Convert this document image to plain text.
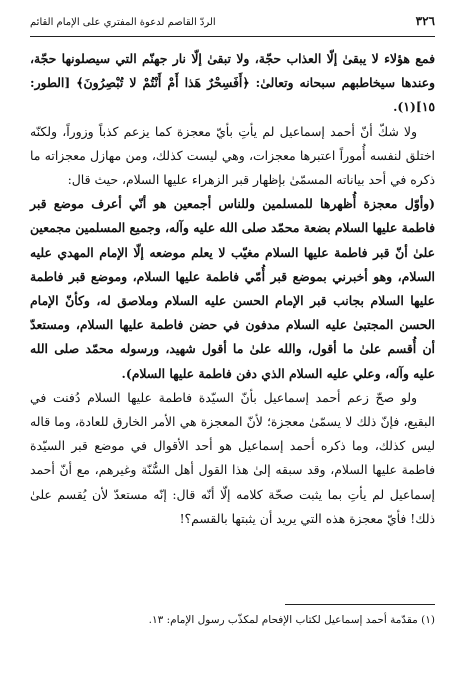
٣٢٦
الردّ القاصم لدعوة المفتري على الإمام القائم

فمع هؤلاء لا يبقىٰ إلّا العذاب حجّة، ولا تبقىٰ إلّا نار جهنّم التي سيصلونها حجّة، وعندها سيخاطبهم سبحانه وتعالىٰ: ﴿أَفَسِحْرٌ هَذا أَمْ أَنْتُمْ لا تُبْصِرُونَ﴾ [الطور: ١٥](١).

ولا شكّ أنّ أحمد إسماعيل لم يأتِ بأيّ معجزة كما يزعم كذباً وزوراً، ولكنّه اختلق لنفسه أُموراً اعتبرها معجزات، وهي ليست كذلك، ومن مهازل معجزاته ما ذكره في أحد بياناته المسمّىٰ بإظهار قبر الزهراء عليها السلام، حيث قال:

(وأوّل معجزة أُظهرها للمسلمين وللناس أجمعين هو أنّي أعرف موضع قبر فاطمة عليها السلام بضعة محمّد صلى الله عليه وآله، وجميع المسلمين مجمعين علىٰ أنّ قبر فاطمة عليها السلام مغيّب لا يعلم موضعه إلّا الإمام المهدي عليه السلام، وهو أخبرني بموضع قبر أُمّي فاطمة عليها السلام، وموضع قبر فاطمة عليها السلام بجانب قبر الإمام الحسن عليه السلام وملاصق له، وكأنّ الإمام الحسن المجتبىٰ عليه السلام مدفون في حضن فاطمة عليها السلام، ومستعدّ أن أُقسم علىٰ ما أقول، والله علىٰ ما أقول شهيد، ورسوله محمّد صلى الله عليه وآله، وعلي عليه السلام الذي دفن فاطمة عليها السلام).

ولو صحّ زعم أحمد إسماعيل بأنّ السيّدة فاطمة عليها السلام دُفنت في البقيع، فإنّ ذلك لا يسمّىٰ معجزة؛ لأنّ المعجزة هي الأمر الخارق للعادة، وما قاله ليس كذلك، وما ذكره أحمد إسماعيل هو أحد الأقوال في موضع قبر السيّدة فاطمة عليها السلام، وقد سبقه إلىٰ هذا القول أهل السُّنّة وغيرهم، مع أنّ أحمد إسماعيل لم يأتِ بما يثبت صحّة كلامه إلّا أنّه قال: إنّه مستعدّ لأن يُقسم علىٰ ذلك! فأيّ معجزة هذه التي يريد أن يثبتها بالقسم؟!

(١) مقدّمة أحمد إسماعيل لكتاب الإفحام لمكذّب رسول الإمام: ١٣.
